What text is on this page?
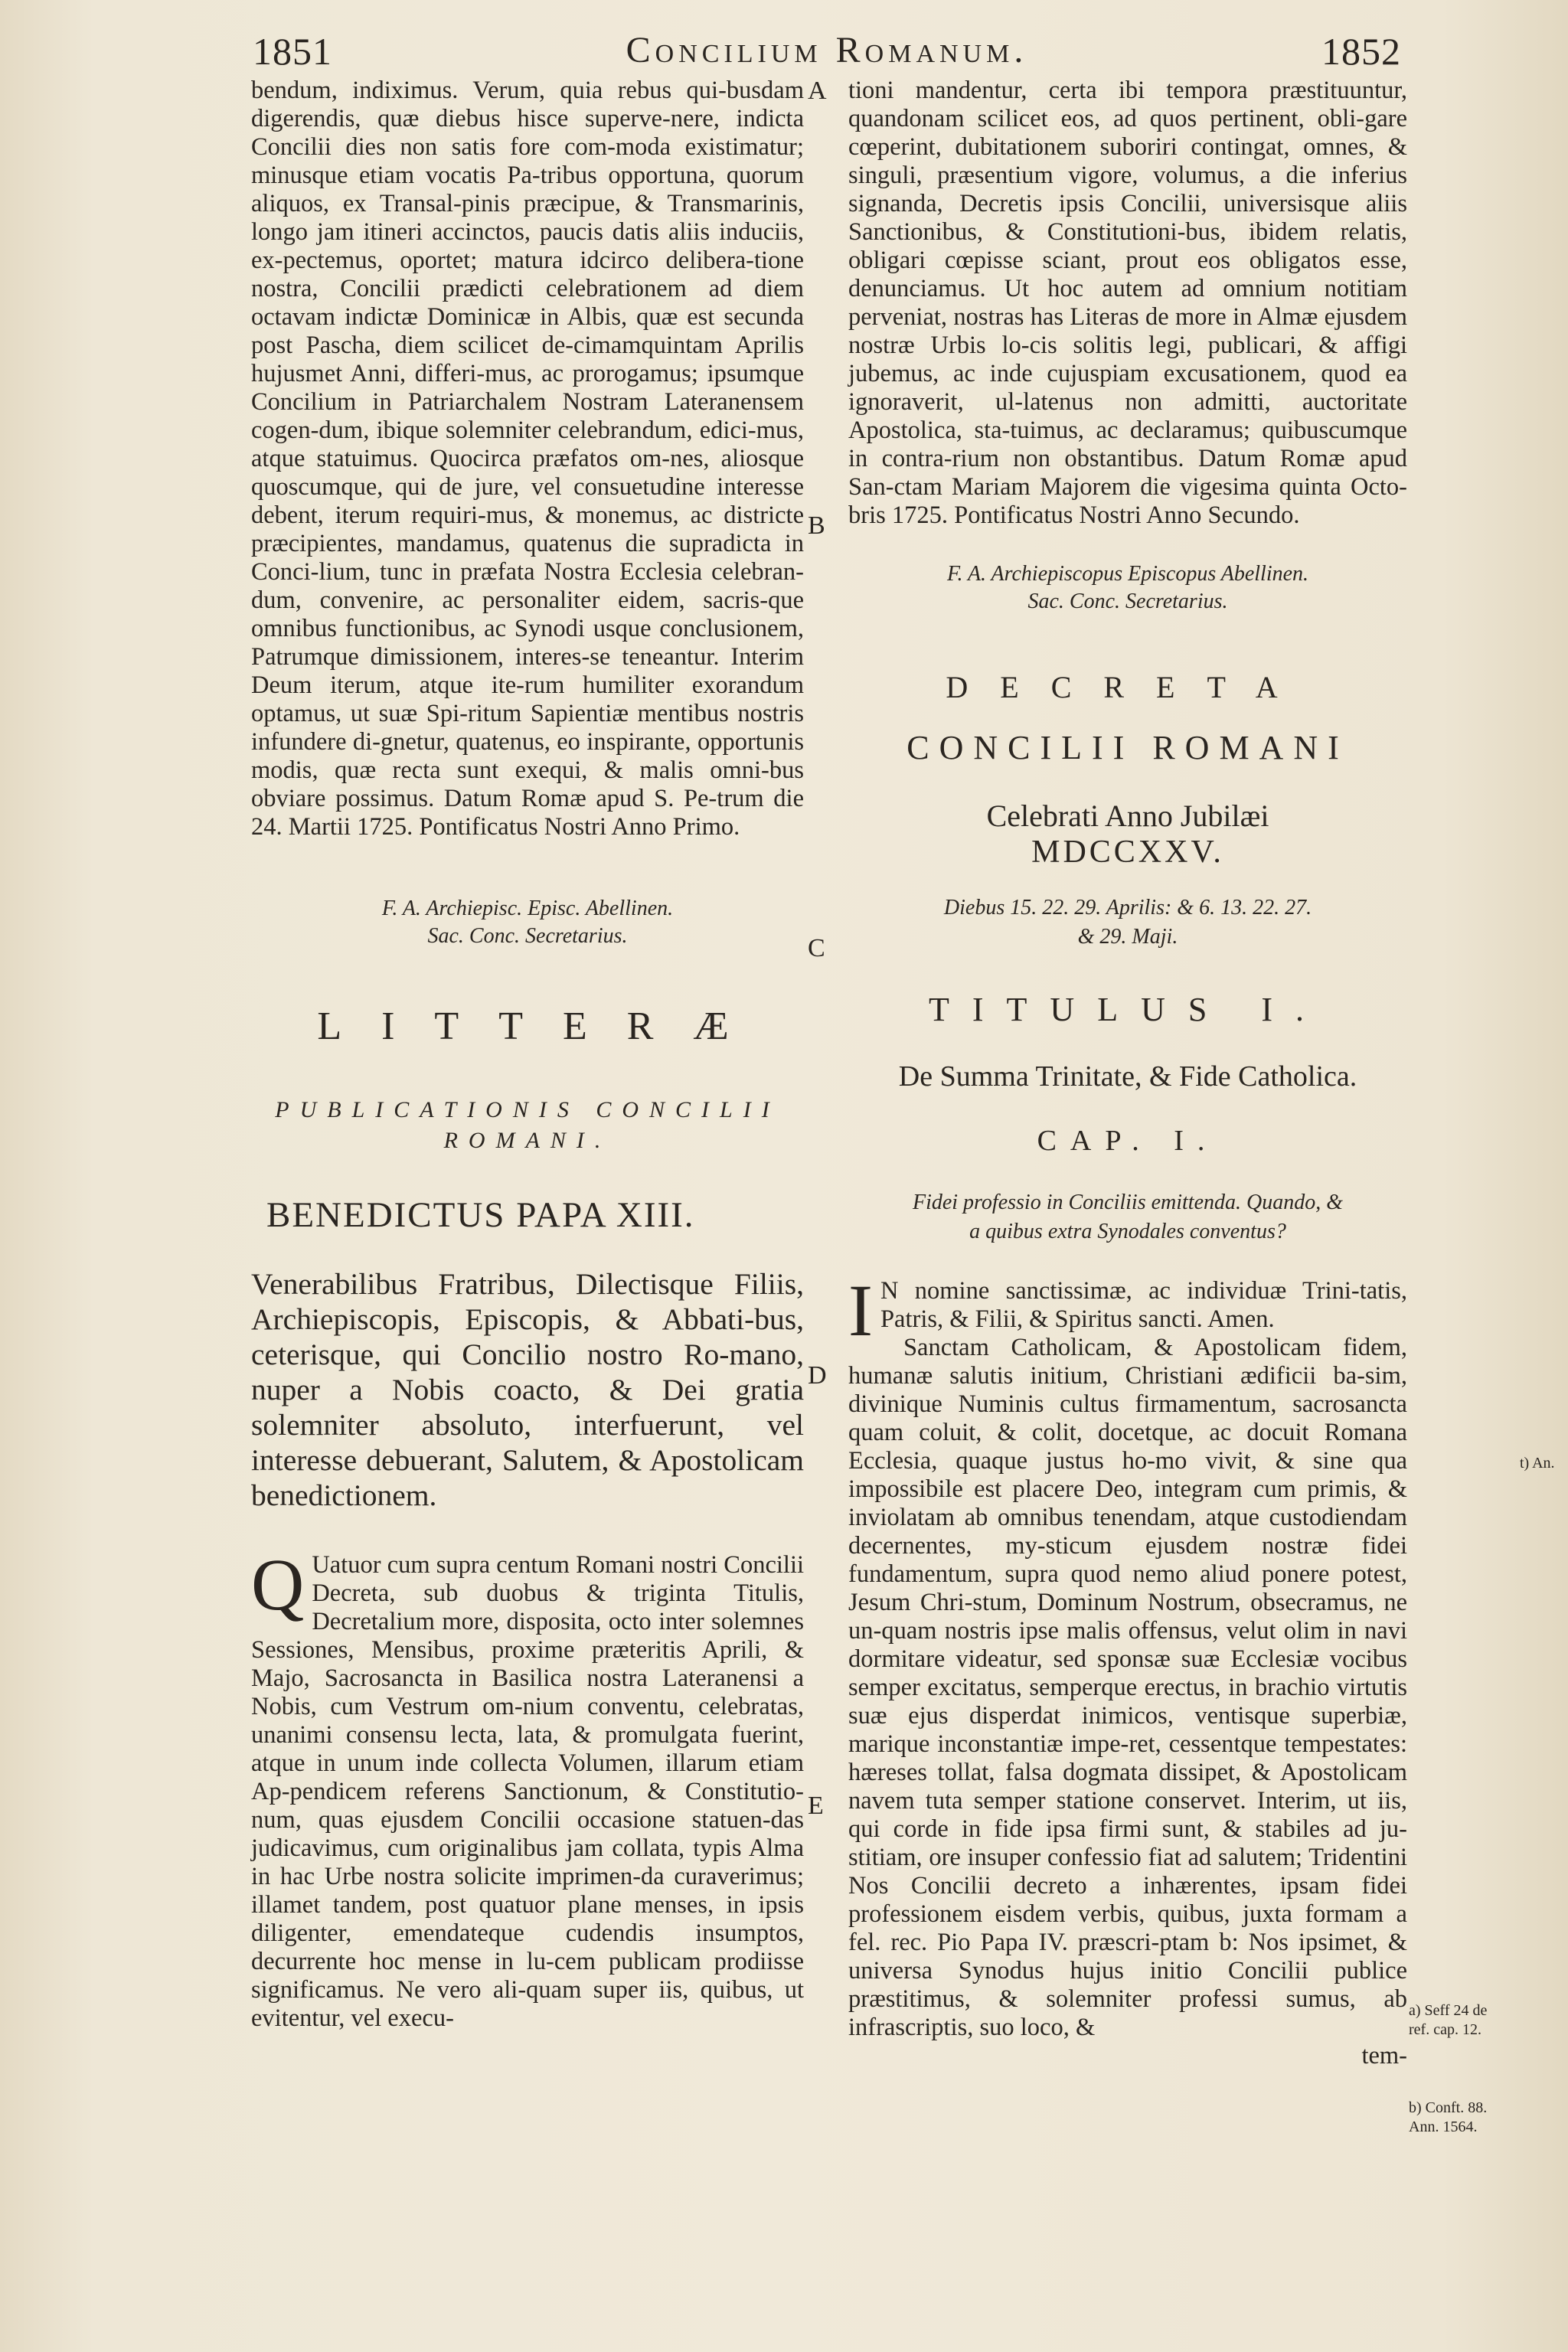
1851	Concilium Romanum.	1852

bendum, indiximus. Verum, quia rebus qui-busdam digerendis, quæ diebus hisce superve-nere, indicta Concilii dies non satis fore com-moda existimatur; minusque etiam vocatis Pa-tribus opportuna, quorum aliquos, ex Transal-pinis præcipue, & Transmarinis, longo jam itineri accinctos, paucis datis aliis induciis, ex-pectemus, oportet; matura idcirco delibera-tione nostra, Concilii prædicti celebrationem ad diem octavam indictæ Dominicæ in Albis, quæ est secunda post Pascha, diem scilicet de-cimamquintam Aprilis hujusmet Anni, differi-mus, ac prorogamus; ipsumque Concilium in Patriarchalem Nostram Lateranensem cogen-dum, ibique solemniter celebrandum, edici-mus, atque statuimus. Quocirca præfatos om-nes, aliosque quoscumque, qui de jure, vel consuetudine interesse debent, iterum requiri-mus, & monemus, ac districte præcipientes, mandamus, quatenus die supradicta in Conci-lium, tunc in præfata Nostra Ecclesia celebran-dum, convenire, ac personaliter eidem, sacris-que omnibus functionibus, ac Synodi usque conclusionem, Patrumque dimissionem, interes-se teneantur. Interim Deum iterum, atque ite-rum humiliter exorandum optamus, ut suæ Spi-ritum Sapientiæ mentibus nostris infundere di-gnetur, quatenus, eo inspirante, opportunis modis, quæ recta sunt exequi, & malis omni-bus obviare possimus. Datum Romæ apud S. Pe-trum die 24. Martii 1725. Pontificatus Nostri Anno Primo.

F. A. Archiepisc. Episc. Abellinen.
Sac. Conc. Secretarius.
LITTERÆ
PUBLICATIONIS CONCILII
ROMANI.
BENEDICTUS PAPA XIII.

Venerabilibus Fratribus, Dilectisque Filiis, Archiepiscopis, Episcopis, & Abbati-bus, ceterisque, qui Concilio nostro Ro-mano, nuper a Nobis coacto, & Dei gratia solemniter absoluto, interfuerunt, vel interesse debuerant, Salutem, & Apostolicam benedictionem.

Q Uatuor cum supra centum Romani nostri Concilii Decreta, sub duobus & triginta Titulis, Decretalium more, disposita, octo inter solemnes Sessiones, Mensibus, proxime præteritis Aprili, & Majo, Sacrosancta in Basilica nostra Lateranensi a Nobis, cum Vestrum om-nium conventu, celebratas, unanimi consensu lecta, lata, & promulgata fuerint, atque in unum inde collecta Volumen, illarum etiam Ap-pendicem referens Sanctionum, & Constitutio-num, quas ejusdem Concilii occasione statuen-das judicavimus, cum originalibus jam collata, typis Alma in hac Urbe nostra solicite imprimen-da curaverimus; illamet tandem, post quatuor plane menses, in ipsis diligenter, emendateque cudendis insumptos, decurrente hoc mense in lu-cem publicam prodiisse significamus. Ne vero ali-quam super iis, quibus, ut evitentur, vel execu-

tioni mandentur, certa ibi tempora præstituuntur, quandonam scilicet eos, ad quos pertinent, obli-gare cœperint, dubitationem suboriri contingat, omnes, & singuli, præsentium vigore, volumus, a die inferius signanda, Decretis ipsis Concilii, universisque aliis Sanctionibus, & Constitutioni-bus, ibidem relatis, obligari cœpisse sciant, prout eos obligatos esse, denunciamus. Ut hoc autem ad omnium notitiam perveniat, nostras has Literas de more in Almæ ejusdem nostræ Urbis lo-cis solitis legi, publicari, & affigi jubemus, ac inde cujuspiam excusationem, quod ea ignoraverit, ul-latenus non admitti, auctoritate Apostolica, sta-tuimus, ac declaramus; quibuscumque in contra-rium non obstantibus. Datum Romæ apud San-ctam Mariam Majorem die vigesima quinta Octo-bris 1725. Pontificatus Nostri Anno Secundo.

F. A. Archiepiscopus Episcopus Abellinen.
Sac. Conc. Secretarius.
DECRETA
CONCILII ROMANI
Celebrati Anno Jubilæi
MDCCXXV.
Diebus 15. 22. 29. Aprilis: & 6. 13. 22. 27.
& 29. Maji.
TITULUS I.
De Summa Trinitate, & Fide Catholica.
CAP. I.
Fidei professio in Conciliis emittenda. Quando, &
a quibus extra Synodales conventus?

I N nomine sanctissimæ, ac individuæ Trini-tatis, Patris, & Filii, & Spiritus sancti. Amen.

Sanctam Catholicam, & Apostolicam fidem, humanæ salutis initium, Christiani ædificii ba-sim, divinique Numinis cultus firmamentum, sacrosancta quam coluit, & colit, docetque, ac docuit Romana Ecclesia, quaque justus ho-mo vivit, & sine qua impossibile est placere Deo, integram cum primis, & inviolatam ab omnibus tenendam, atque custodiendam decernentes, my-sticum ejusdem nostræ fidei fundamentum, supra quod nemo aliud ponere potest, Jesum Chri-stum, Dominum Nostrum, obsecramus, ne un-quam nostris ipse malis offensus, velut olim in navi dormitare videatur, sed sponsæ suæ Ecclesiæ vocibus semper excitatus, semperque erectus, in brachio virtutis suæ ejus disperdat inimicos, ventisque superbiæ, marique inconstantiæ impe-ret, cessentque tempestates: hæreses tollat, falsa dogmata dissipet, & Apostolicam navem tuta semper statione conservet. Interim, ut iis, qui corde in fide ipsa firmi sunt, & stabiles ad ju-stitiam, ore insuper confessio fiat ad salutem; Tridentini Nos Concilii decreto a inhærentes, ipsam fidei professionem eisdem verbis, quibus, juxta formam a fel. rec. Pio Papa IV. præscri-ptam b: Nos ipsimet, & universa Synodus hujus initio Concilii publice præstitimus, & solemniter professi sumus, ab infrascriptis, suo loco, &

tem-
A
B
C
D
E
t) An.
a) Seff 24 de
ref. cap. 12.
b) Conft. 88.
Ann. 1564.
